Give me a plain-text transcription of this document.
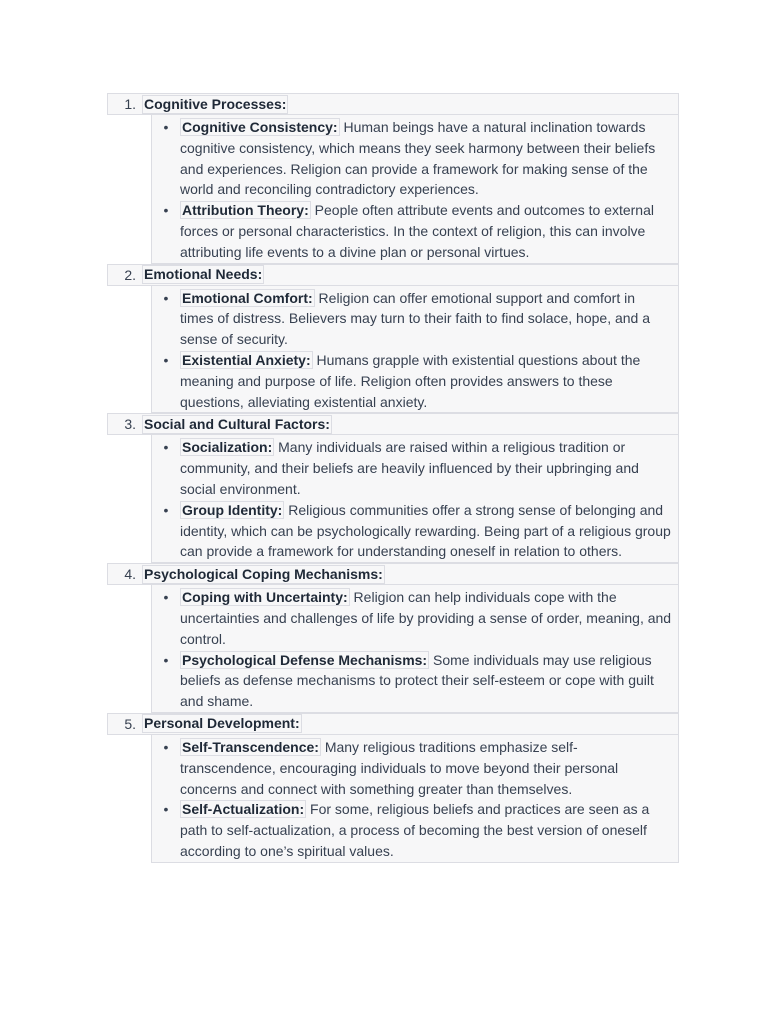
1. Cognitive Processes:
• Cognitive Consistency: Human beings have a natural inclination towards cognitive consistency, which means they seek harmony between their beliefs and experiences. Religion can provide a framework for making sense of the world and reconciling contradictory experiences.
• Attribution Theory: People often attribute events and outcomes to external forces or personal characteristics. In the context of religion, this can involve attributing life events to a divine plan or personal virtues.
2. Emotional Needs:
• Emotional Comfort: Religion can offer emotional support and comfort in times of distress. Believers may turn to their faith to find solace, hope, and a sense of security.
• Existential Anxiety: Humans grapple with existential questions about the meaning and purpose of life. Religion often provides answers to these questions, alleviating existential anxiety.
3. Social and Cultural Factors:
• Socialization: Many individuals are raised within a religious tradition or community, and their beliefs are heavily influenced by their upbringing and social environment.
• Group Identity: Religious communities offer a strong sense of belonging and identity, which can be psychologically rewarding. Being part of a religious group can provide a framework for understanding oneself in relation to others.
4. Psychological Coping Mechanisms:
• Coping with Uncertainty: Religion can help individuals cope with the uncertainties and challenges of life by providing a sense of order, meaning, and control.
• Psychological Defense Mechanisms: Some individuals may use religious beliefs as defense mechanisms to protect their self-esteem or cope with guilt and shame.
5. Personal Development:
• Self-Transcendence: Many religious traditions emphasize self-transcendence, encouraging individuals to move beyond their personal concerns and connect with something greater than themselves.
• Self-Actualization: For some, religious beliefs and practices are seen as a path to self-actualization, a process of becoming the best version of oneself according to one’s spiritual values.
